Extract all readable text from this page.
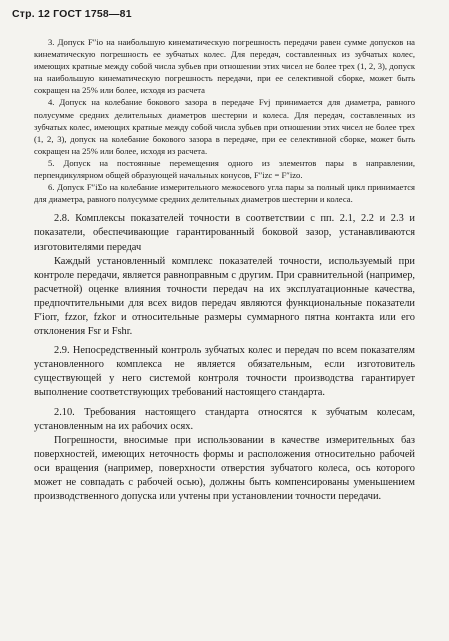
Стр. 12 ГОСТ 1758—81

3. Допуск F″io на наибольшую кинематическую погрешность передачи равен сумме допусков на кинематическую погрешность ее зубчатых колес. Для передач, составленных из зубчатых колес, имеющих кратные между собой числа зубьев при отношении этих чисел не более трех (1, 2, 3), допуск на наибольшую кинематическую погрешность передачи, при ее селективной сборке, может быть сокращен на 25% или более, исходя из расчета

4. Допуск на колебание бокового зазора в передаче Fvj принимается для диаметра, равного полусумме средних делительных диаметров шестерни и колеса. Для передач, составленных из зубчатых колес, имеющих кратные между собой числа зубьев при отношении этих чисел не более трех (1, 2, 3), допуск на колебание бокового зазора в передаче, при ее селективной сборке, может быть сокращен на 25% или более, исходя из расчета.

5. Допуск на постоянные перемещения одного из элементов пары в направлении, перпендикулярном общей образующей начальных конусов, F″izc = F″izo.

6. Допуск F″iΣo на колебание измерительного межосевого угла пары за полный цикл принимается для диаметра, равного полусумме средних делительных диаметров шестерни и колеса.

2.8. Комплексы показателей точности в соответствии с пп. 2.1, 2.2 и 2.3 и показатели, обеспечивающие гарантированный боковой зазор, устанавливаются изготовителями передач

Каждый установленный комплекс показателей точности, используемый при контроле передачи, является равноправным с другим. При сравнительной (например, расчетной) оценке влияния точности передач на их эксплуатационные качества, предпочтительными для всех видов передач являются функциональные показатели F′iorr, fzzor, fzkor и относительные размеры суммарного пятна контакта или его отклонения Fsr и Fshr.

2.9. Непосредственный контроль зубчатых колес и передач по всем показателям установленного комплекса не является обязательным, если изготовитель существующей у него системой контроля точности производства гарантирует выполнение соответствующих требований настоящего стандарта.

2.10. Требования настоящего стандарта относятся к зубчатым колесам, установленным на их рабочих осях.

Погрешности, вносимые при использовании в качестве измерительных баз поверхностей, имеющих неточность формы и расположения относительно рабочей оси вращения (например, поверхности отверстия зубчатого колеса, ось которого может не совпадать с рабочей осью), должны быть компенсированы уменьшением производственного допуска или учтены при установлении точности передачи.
